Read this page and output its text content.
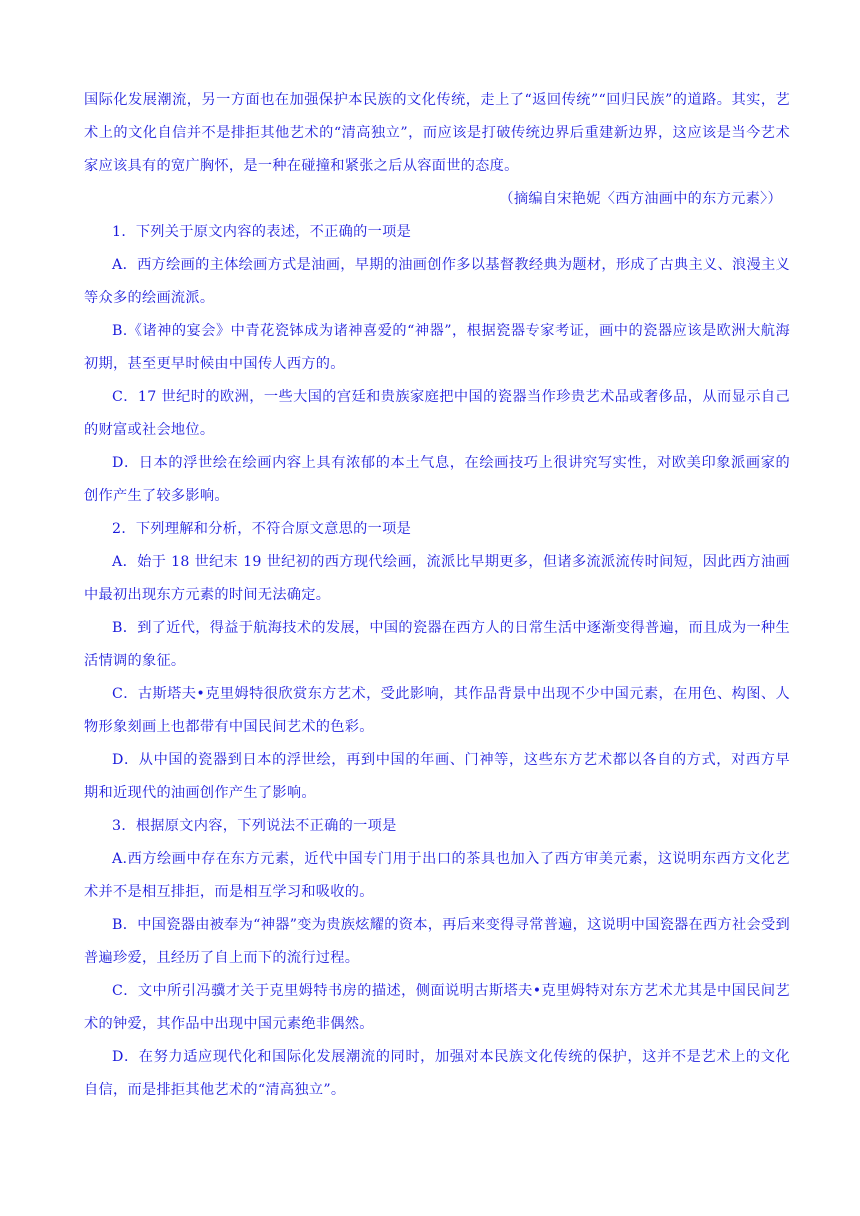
国际化发展潮流，另一方面也在加强保护本民族的文化传统，走上了“返回传统”“回归民族”的道路。其实，艺术上的文化自信并不是排拒其他艺术的“清高独立”，而应该是打破传统边界后重建新边界，这应该是当今艺术家应该具有的宽广胸怀，是一种在碰撞和紧张之后从容面世的态度。

（摘编自宋艳妮〈西方油画中的东方元素〉）

1．下列关于原文内容的表述，不正确的一项是

A．西方绘画的主体绘画方式是油画，早期的油画创作多以基督教经典为题材，形成了古典主义、浪漫主义等众多的绘画流派。

B.《诸神的宴会》中青花瓷钵成为诸神喜爱的“神器”，根据瓷器专家考证，画中的瓷器应该是欧洲大航海初期，甚至更早时候由中国传人西方的。

C．17 世纪时的欧洲，一些大国的宫廷和贵族家庭把中国的瓷器当作珍贵艺术品或奢侈品，从而显示自己的财富或社会地位。

D．日本的浮世绘在绘画内容上具有浓郁的本土气息，在绘画技巧上很讲究写实性，对欧美印象派画家的创作产生了较多影响。

2．下列理解和分析，不符合原文意思的一项是

A．始于 18 世纪末 19 世纪初的西方现代绘画，流派比早期更多，但诸多流派流传时间短，因此西方油画中最初出现东方元素的时间无法确定。

B．到了近代，得益于航海技术的发展，中国的瓷器在西方人的日常生活中逐渐变得普遍，而且成为一种生活情调的象征。

C．古斯塔夫•克里姆特很欣赏东方艺术，受此影响，其作品背景中出现不少中国元素，在用色、构图、人物形象刻画上也都带有中国民间艺术的色彩。

D．从中国的瓷器到日本的浮世绘，再到中国的年画、门神等，这些东方艺术都以各自的方式，对西方早期和近现代的油画创作产生了影响。

3．根据原文内容，下列说法不正确的一项是

A.西方绘画中存在东方元素，近代中国专门用于出口的茶具也加入了西方审美元素，这说明东西方文化艺术并不是相互排拒，而是相互学习和吸收的。

B．中国瓷器由被奉为“神器”变为贵族炫耀的资本，再后来变得寻常普遍，这说明中国瓷器在西方社会受到普遍珍爱，且经历了自上而下的流行过程。

C．文中所引冯骥才关于克里姆特书房的描述，侧面说明古斯塔夫•克里姆特对东方艺术尤其是中国民间艺术的钟爱，其作品中出现中国元素绝非偶然。

D．在努力适应现代化和国际化发展潮流的同时，加强对本民族文化传统的保护，这并不是艺术上的文化自信，而是排拒其他艺术的“清高独立”。
